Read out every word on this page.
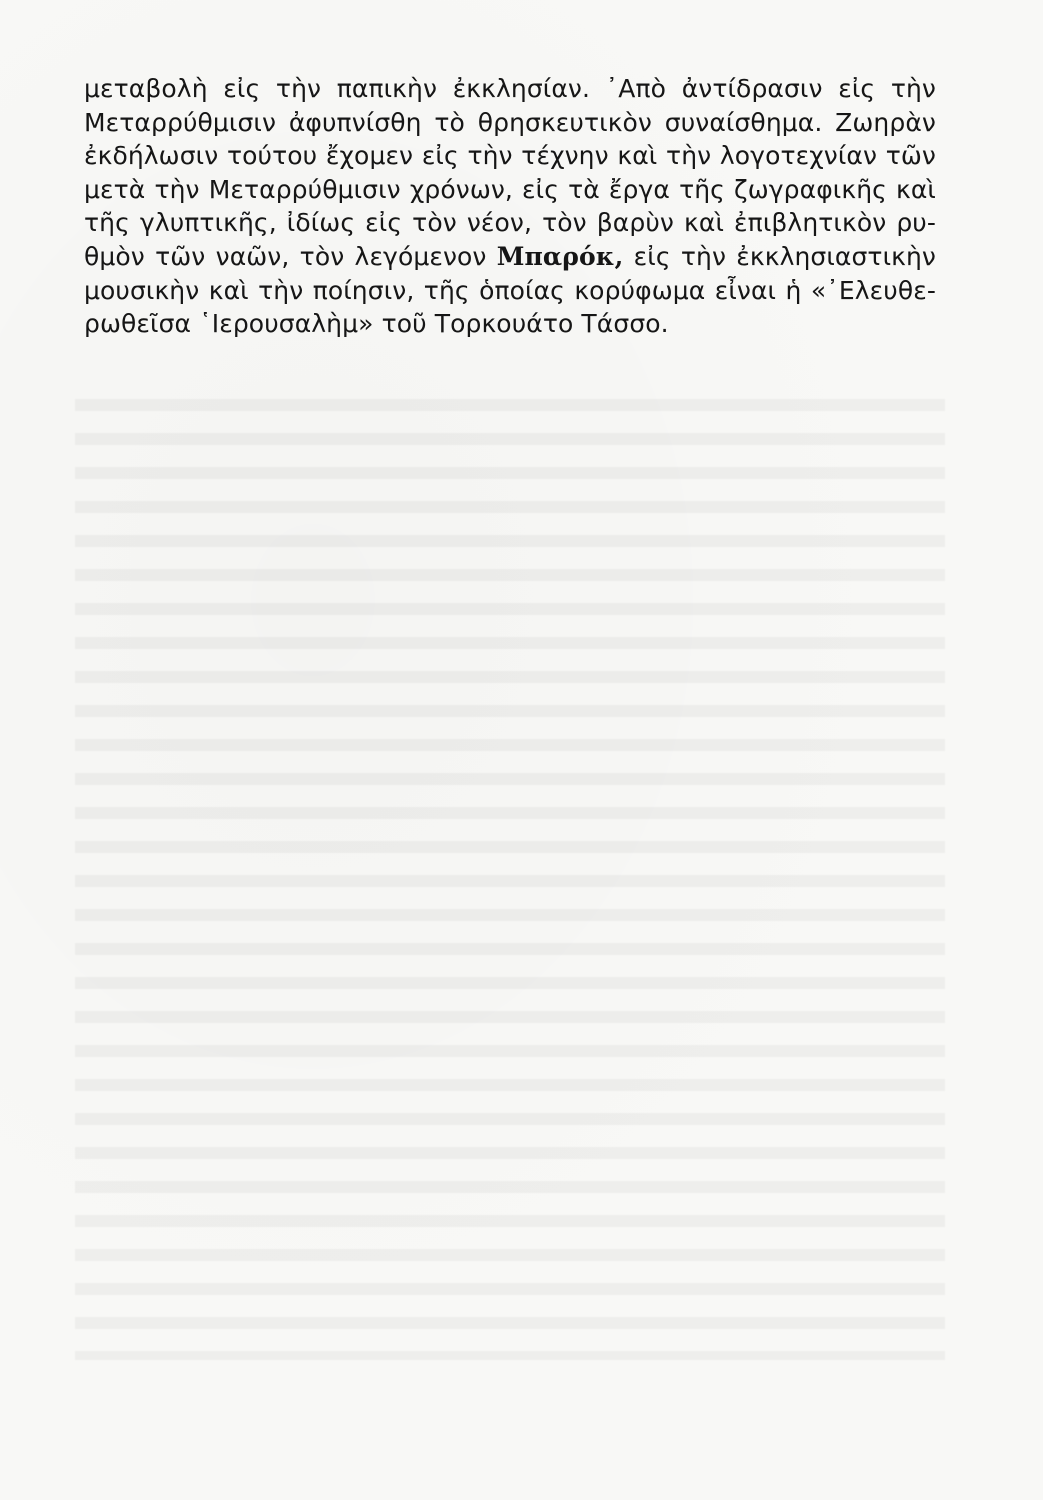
μεταβολὴ εἰς τὴν παπικὴν ἐκκλησίαν. ᾿Απὸ ἀντίδρασιν εἰς τὴν
Μεταρρύθμισιν ἀφυπνίσθη τὸ θρησκευτικὸν συναίσθημα. Ζωηρὰν
ἐκδήλωσιν τούτου ἔχομεν εἰς τὴν τέχνην καὶ τὴν λογοτεχνίαν τῶν
μετὰ τὴν Μεταρρύθμισιν χρόνων, εἰς τὰ ἔργα τῆς ζωγραφικῆς καὶ
τῆς γλυπτικῆς, ἰδίως εἰς τὸν νέον, τὸν βαρὺν καὶ ἐπιβλητικὸν ρυ-
θμὸν τῶν ναῶν, τὸν λεγόμενον Μπαρόκ, εἰς τὴν ἐκκλησιαστικὴν
μουσικὴν καὶ τὴν ποίησιν, τῆς ὁποίας κορύφωμα εἶναι ἡ «᾿Ελευθε-
ρωθεῖσα ῾Ιερουσαλὴμ» τοῦ Τορκουάτο Τάσσο.
